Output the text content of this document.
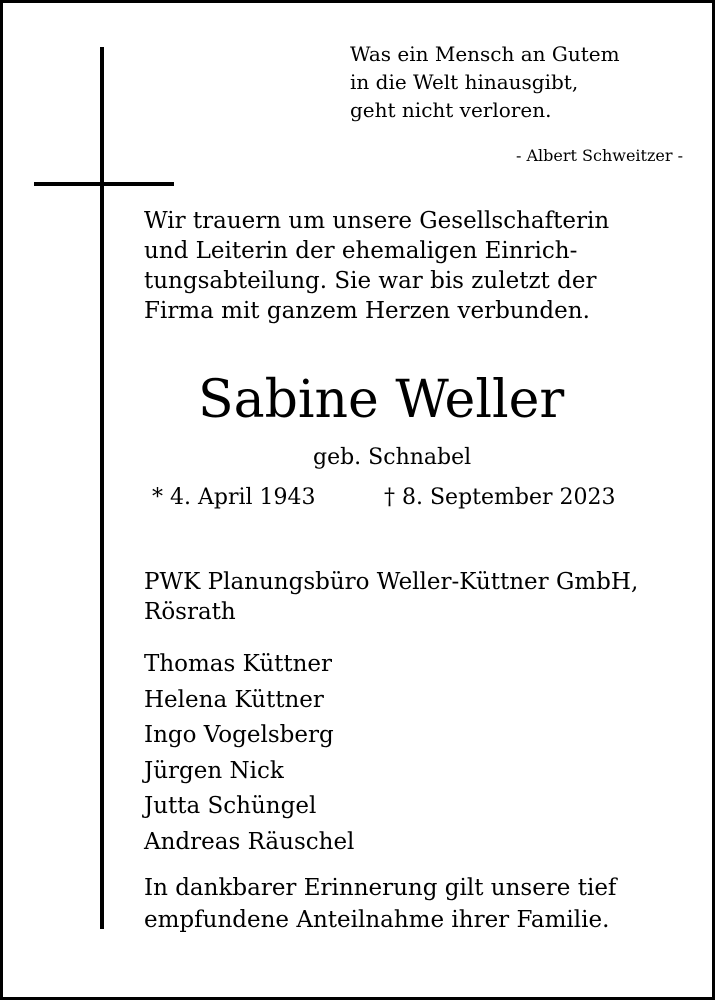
Was ein Mensch an Gutem
in die Welt hinausgibt,
geht nicht verloren.
- Albert Schweitzer -
Wir trauern um unsere Gesellschafterin
und Leiterin der ehemaligen Einrich-
tungsabteilung. Sie war bis zuletzt der
Firma mit ganzem Herzen verbunden.
Sabine Weller
geb. Schnabel
* 4. April 1943	† 8. September 2023
PWK Planungsbüro Weller-Küttner GmbH,
Rösrath
Thomas Küttner
Helena Küttner
Ingo Vogelsberg
Jürgen Nick
Jutta Schüngel
Andreas Räuschel
In dankbarer Erinnerung gilt unsere tief
empfundene Anteilnahme ihrer Familie.
